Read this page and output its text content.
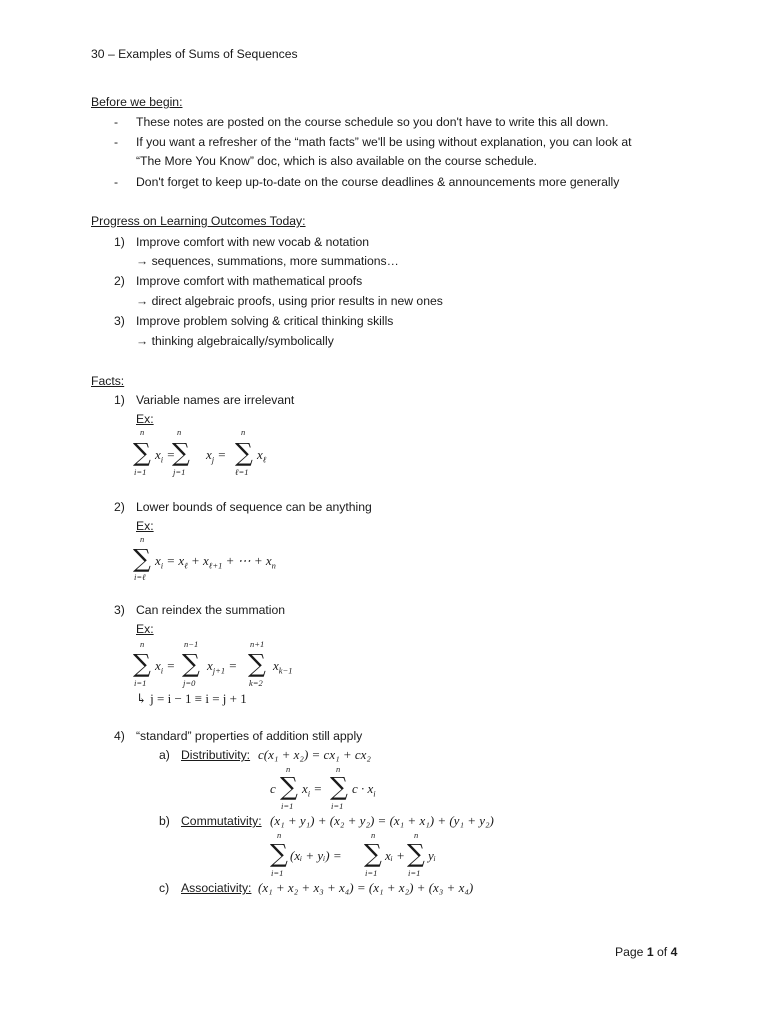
30 – Examples of Sums of Sequences
Before we begin:
- These notes are posted on the course schedule so you don't have to write this all down.
- If you want a refresher of the “math facts” we'll be using without explanation, you can look at
“The More You Know” doc, which is also available on the course schedule.
- Don't forget to keep up-to-date on the course deadlines & announcements more generally
Progress on Learning Outcomes Today:
1) Improve comfort with new vocab & notation
→ sequences, summations, more summations…
2) Improve comfort with mathematical proofs
→ direct algebraic proofs, using prior results in new ones
3) Improve problem solving & critical thinking skills
→ thinking algebraically/symbolically
Facts:
1) Variable names are irrelevant
Ex:
n
∑
i=1
$x_i$ =
n
∑
j=1
$x_j$ =
n
∑
ℓ=1
$x_\ell$
2) Lower bounds of sequence can be anything
Ex:
n
∑
i=ℓ
$x_i = x_\ell + x_{\ell+1}$ + ⋯ + $x_n$
3) Can reindex the summation
Ex:
n
∑
i=1
$x_i$ =
n−1
∑
j=0
$x_{j+1}$ =
n+1
∑
k=2
$x_{k-1}$
↳ j = i − 1 ≡ i = j + 1
4) “standard” properties of addition still apply
a) Distributivity: c(x₁ + x₂) = cx₁ + cx₂
c
n
∑
i=1
$x_i$ =
n
∑
i=1
$c \cdot x_i$
b) Commutativity: (x₁ + y₁) + (x₂ + y₂) = (x₁ + x₁) + (y₁ + y₂)
n
∑
i=1
(xᵢ + yᵢ) =
n
∑
i=1
xᵢ +
n
∑
i=1
yᵢ
c) Associativity: (x₁ + x₂ + x₃ + x₄) = (x₁ + x₂) + (x₃ + x₄)
Page 1 of 4
